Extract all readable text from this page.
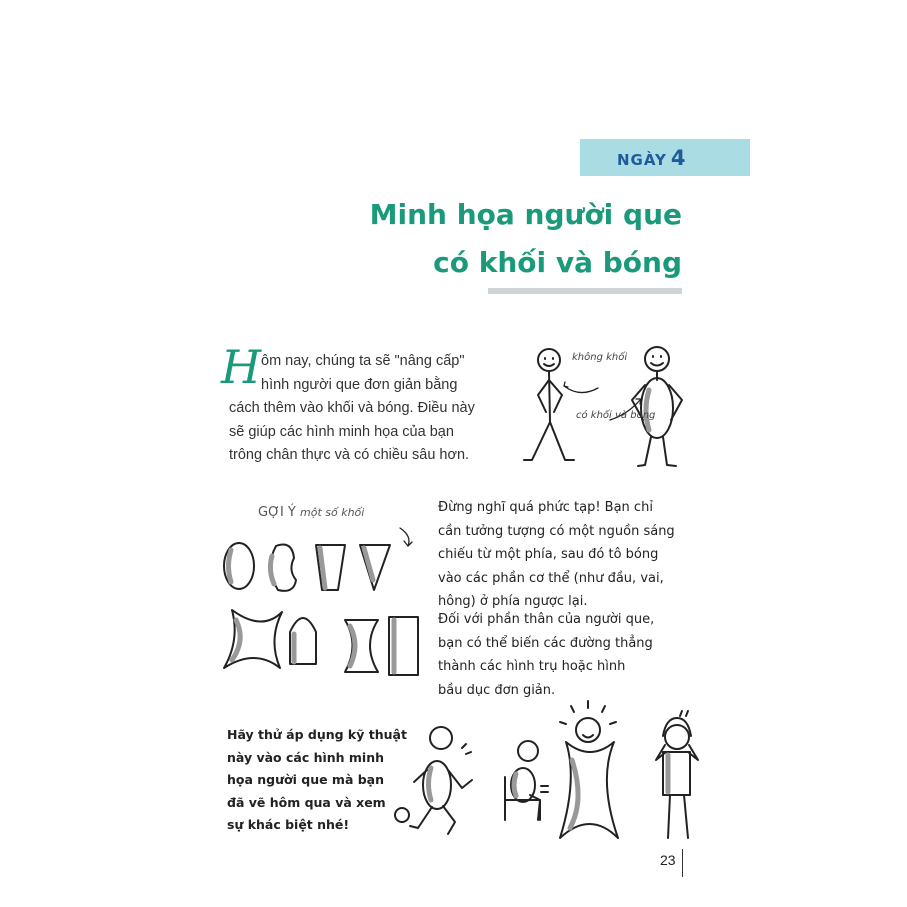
NGÀY 4
Minh họa người que
có khối và bóng
H ôm nay, chúng ta sẽ "nâng cấp"
hình người que đơn giản bằng
cách thêm vào khối và bóng. Điều này
sẽ giúp các hình minh họa của bạn
trông chân thực và có chiều sâu hơn.
không khối
có khối và bóng
GỢI Ý một số khối	Đừng nghĩ quá phức tạp! Bạn chỉ
cần tưởng tượng có một nguồn sáng
chiếu từ một phía, sau đó tô bóng
vào các phần cơ thể (như đầu, vai,
hông) ở phía ngược lại.
Đối với phần thân của người que,
bạn có thể biến các đường thẳng
thành các hình trụ hoặc hình
bầu dục đơn giản.
Hãy thử áp dụng kỹ thuật
này vào các hình minh
họa người que mà bạn
đã vẽ hôm qua và xem
sự khác biệt nhé!
23
